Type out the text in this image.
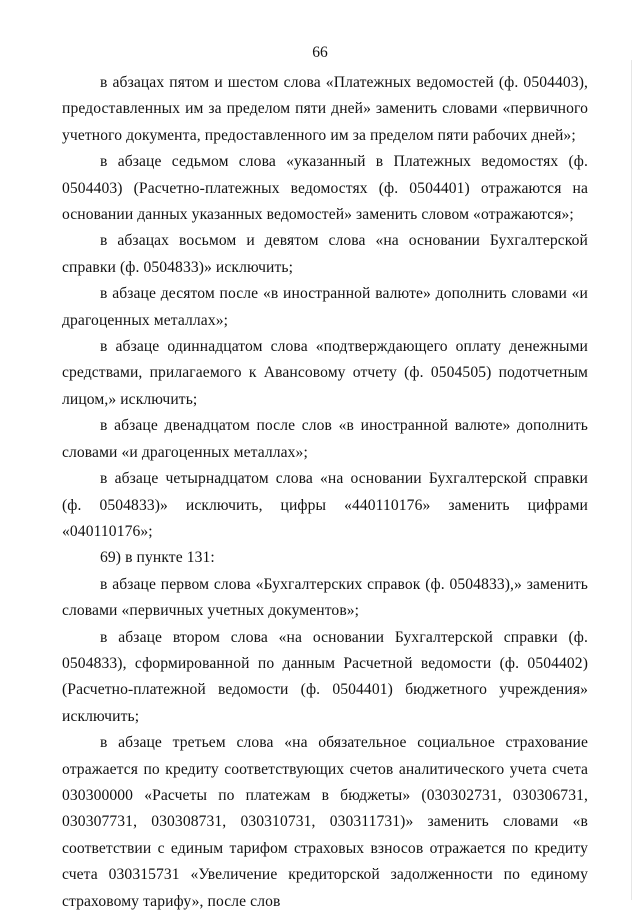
66

в абзацах пятом и шестом слова «Платежных ведомостей (ф. 0504403), предоставленных им за пределом пяти дней» заменить словами «первичного учетного документа, предоставленного им за пределом пяти рабочих дней»;

в абзаце седьмом слова «указанный в Платежных ведомостях (ф. 0504403) (Расчетно-платежных ведомостях (ф. 0504401) отражаются на основании данных указанных ведомостей» заменить словом «отражаются»;

в абзацах восьмом и девятом слова «на основании Бухгалтерской справки (ф. 0504833)» исключить;

в абзаце десятом после «в иностранной валюте» дополнить словами «и драгоценных металлах»;

в абзаце одиннадцатом слова «подтверждающего оплату денежными средствами, прилагаемого к Авансовому отчету (ф. 0504505) подотчетным лицом,» исключить;

в абзаце двенадцатом после слов «в иностранной валюте» дополнить словами «и драгоценных металлах»;

в абзаце четырнадцатом слова «на основании Бухгалтерской справки (ф. 0504833)» исключить, цифры «440110176» заменить цифрами «040110176»;

69) в пункте 131:

в абзаце первом слова «Бухгалтерских справок (ф. 0504833),» заменить словами «первичных учетных документов»;

в абзаце втором слова «на основании Бухгалтерской справки (ф. 0504833), сформированной по данным Расчетной ведомости (ф. 0504402) (Расчетно-платежной ведомости (ф. 0504401) бюджетного учреждения» исключить;

в абзаце третьем слова «на обязательное социальное страхование отражается по кредиту соответствующих счетов аналитического учета счета 030300000 «Расчеты по платежам в бюджеты» (030302731, 030306731, 030307731, 030308731, 030310731, 030311731)» заменить словами «в соответствии с единым тарифом страховых взносов отражается по кредиту счета 030315731 «Увеличение кредиторской задолженности по единому страховому тарифу», после слов
